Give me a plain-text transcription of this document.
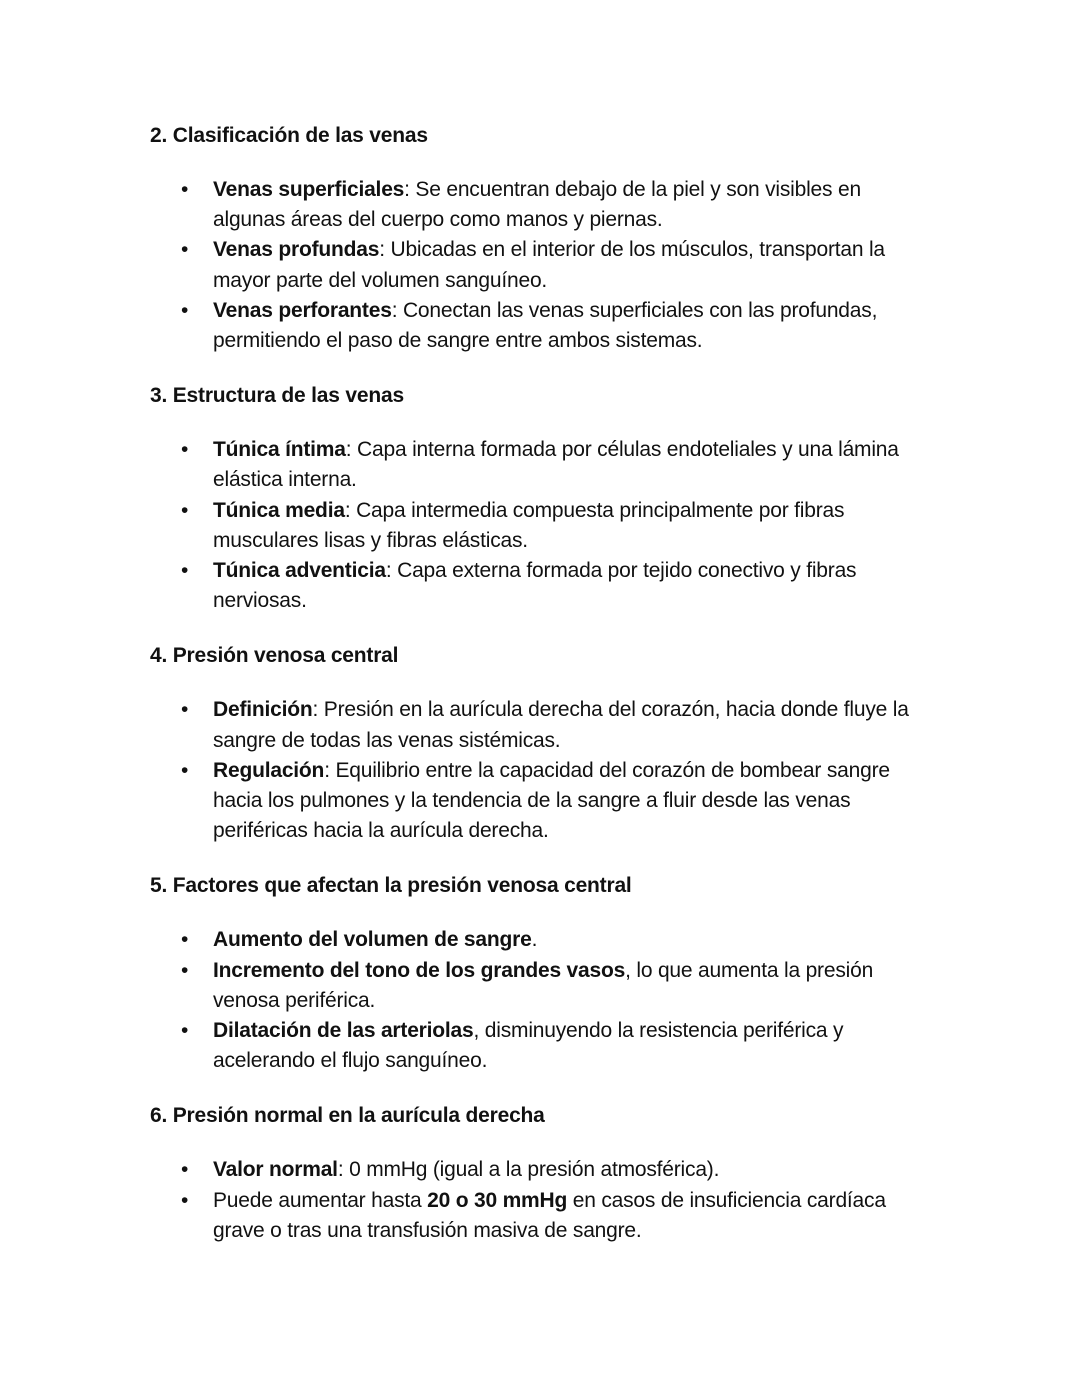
2. Clasificación de las venas
• Venas superficiales: Se encuentran debajo de la piel y son visibles en algunas áreas del cuerpo como manos y piernas.
• Venas profundas: Ubicadas en el interior de los músculos, transportan la mayor parte del volumen sanguíneo.
• Venas perforantes: Conectan las venas superficiales con las profundas, permitiendo el paso de sangre entre ambos sistemas.
3. Estructura de las venas
• Túnica íntima: Capa interna formada por células endoteliales y una lámina elástica interna.
• Túnica media: Capa intermedia compuesta principalmente por fibras musculares lisas y fibras elásticas.
• Túnica adventicia: Capa externa formada por tejido conectivo y fibras nerviosas.
4. Presión venosa central
• Definición: Presión en la aurícula derecha del corazón, hacia donde fluye la sangre de todas las venas sistémicas.
• Regulación: Equilibrio entre la capacidad del corazón de bombear sangre hacia los pulmones y la tendencia de la sangre a fluir desde las venas periféricas hacia la aurícula derecha.
5. Factores que afectan la presión venosa central
• Aumento del volumen de sangre.
• Incremento del tono de los grandes vasos, lo que aumenta la presión venosa periférica.
• Dilatación de las arteriolas, disminuyendo la resistencia periférica y acelerando el flujo sanguíneo.
6. Presión normal en la aurícula derecha
• Valor normal: 0 mmHg (igual a la presión atmosférica).
• Puede aumentar hasta 20 o 30 mmHg en casos de insuficiencia cardíaca grave o tras una transfusión masiva de sangre.
